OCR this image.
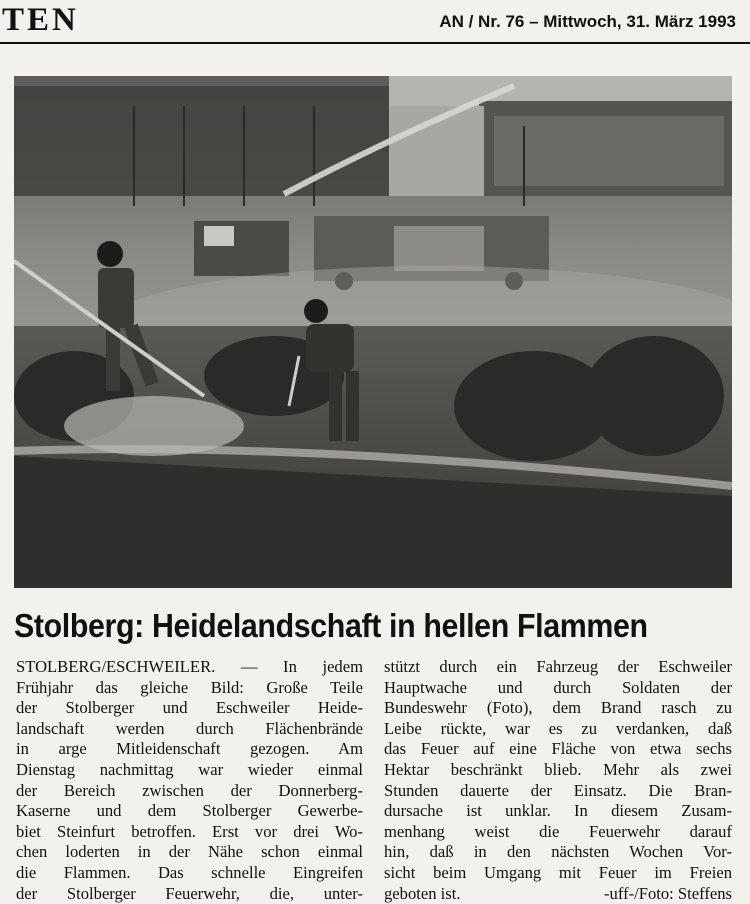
TEN	AN / Nr. 76 – Mittwoch, 31. März 1993
Stolberg: Heidelandschaft in hellen Flammen
STOLBERG/ESCHWEILER. — In jedem
Frühjahr das gleiche Bild: Große Teile
der Stolberger und Eschweiler Heide-
landschaft werden durch Flächenbrände
in arge Mitleidenschaft gezogen. Am
Dienstag nachmittag war wieder einmal
der Bereich zwischen der Donnerberg-
Kaserne und dem Stolberger Gewerbe-
biet Steinfurt betroffen. Erst vor drei Wo-
chen loderten in der Nähe schon einmal
die Flammen. Das schnelle Eingreifen
der Stolberger Feuerwehr, die, unter-
stützt durch ein Fahrzeug der Eschweiler
Hauptwache und durch Soldaten der
Bundeswehr (Foto), dem Brand rasch zu
Leibe rückte, war es zu verdanken, daß
das Feuer auf eine Fläche von etwa sechs
Hektar beschränkt blieb. Mehr als zwei
Stunden dauerte der Einsatz. Die Bran-
dursache ist unklar. In diesem Zusam-
menhang weist die Feuerwehr darauf
hin, daß in den nächsten Wochen Vor-
sicht beim Umgang mit Feuer im Freien
geboten ist.	-uff-/Foto: Steffens
